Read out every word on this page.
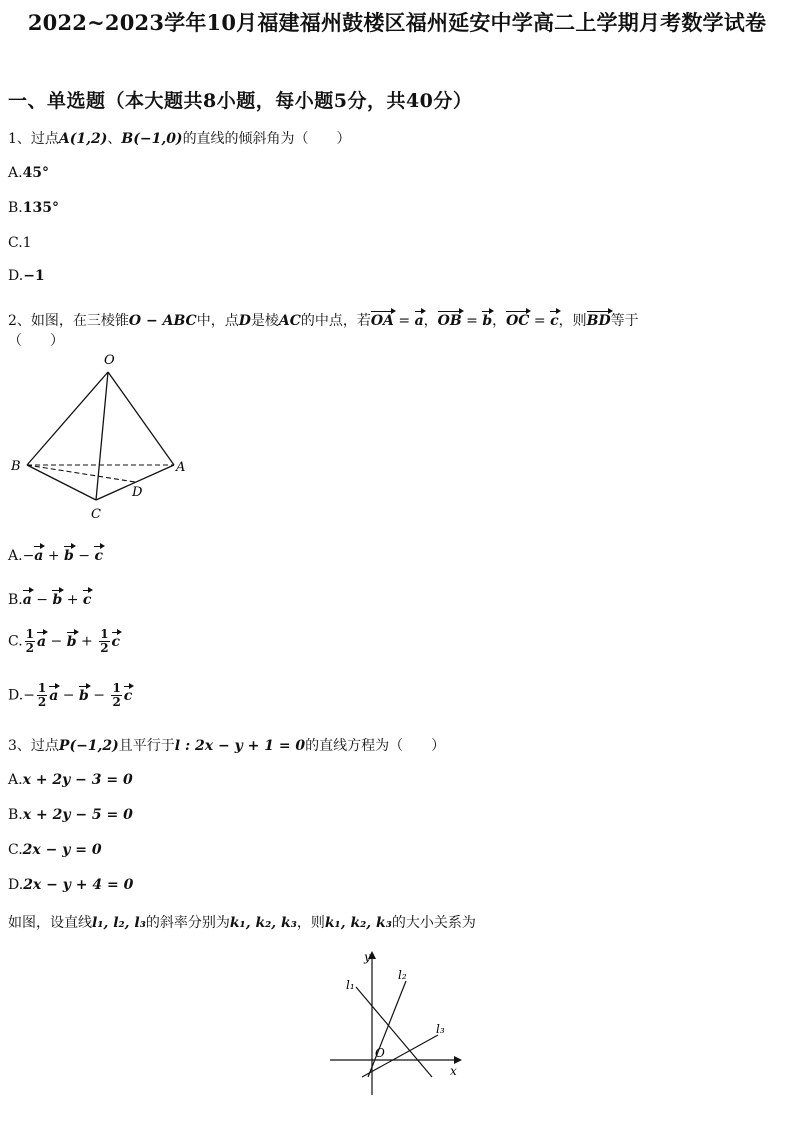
2022~2023学年10月福建福州鼓楼区福州延安中学高二上学期月考数学试卷
一、单选题（本大题共8小题，每小题5分，共40分）
1、过点A(1,2)、B(−1,0)的直线的倾斜角为（　　）
A.45°
B.135°
C.1
D.−1
2、如图，在三棱锥O − ABC中，点D是棱AC的中点，若OA = a，OB = b，OC = c，则BD等于
（　　）
O
B	A
C
D
A.−a + b − c
B.a − b + c
C. $\frac{1}{2}$ $a - b + \frac{1}{2}$ c
$D.- \frac{1}{2}$ $a - b - \frac{1}{2}$ c
3、过点P(−1,2)且平行于l : 2x − y + 1 = 0的直线方程为（　　）
A.x + 2y − 3 = 0
B.x + 2y − 5 = 0
C.2x − y = 0
D.2x − y + 4 = 0
如图，设直线l₁, l₂, l₃的斜率分别为k₁, k₂, k₃，则k₁, k₂, k₃的大小关系为
y
x
O
l₁
l₂
l₃
